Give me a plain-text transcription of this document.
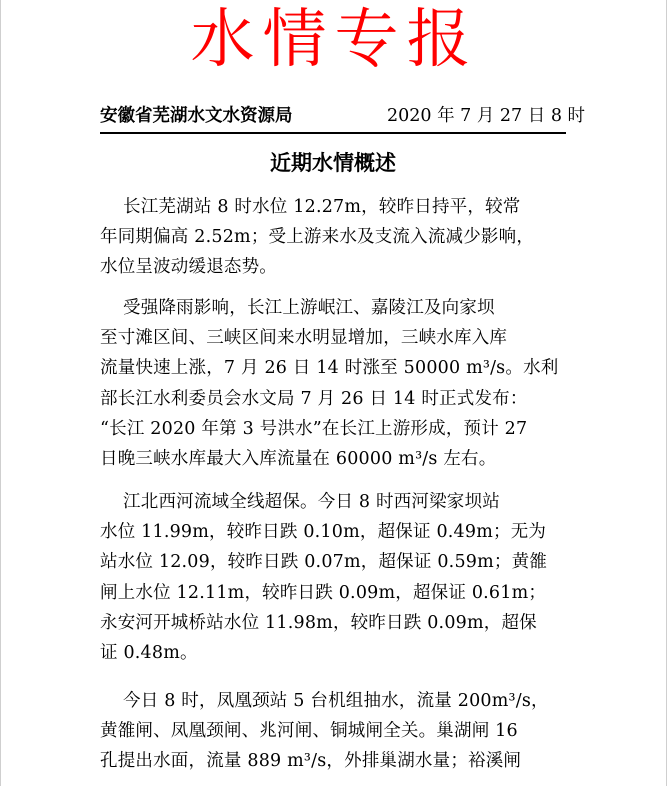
水情专报
安徽省芜湖水文水资源局	2020 年 7 月 27 日 8 时
近期水情概述
长江芜湖站 8 时水位 12.27m，较昨日持平，较常
年同期偏高 2.52m；受上游来水及支流入流减少影响，
水位呈波动缓退态势。
受强降雨影响，长江上游岷江、嘉陵江及向家坝
至寸滩区间、三峡区间来水明显增加，三峡水库入库
流量快速上涨，7 月 26 日 14 时涨至 50000 m³/s。水利
部长江水利委员会水文局 7 月 26 日 14 时正式发布：
“长江 2020 年第 3 号洪水”在长江上游形成，预计 27
日晚三峡水库最大入库流量在 60000 m³/s 左右。
江北西河流域全线超保。今日 8 时西河梁家坝站
水位 11.99m，较昨日跌 0.10m，超保证 0.49m；无为
站水位 12.09，较昨日跌 0.07m，超保证 0.59m；黄雒
闸上水位 12.11m，较昨日跌 0.09m，超保证 0.61m；
永安河开城桥站水位 11.98m，较昨日跌 0.09m，超保
证 0.48m。
今日 8 时，凤凰颈站 5 台机组抽水，流量 200m³/s，
黄雒闸、凤凰颈闸、兆河闸、铜城闸全关。巢湖闸 16
孔提出水面，流量 889 m³/s，外排巢湖水量；裕溪闸
